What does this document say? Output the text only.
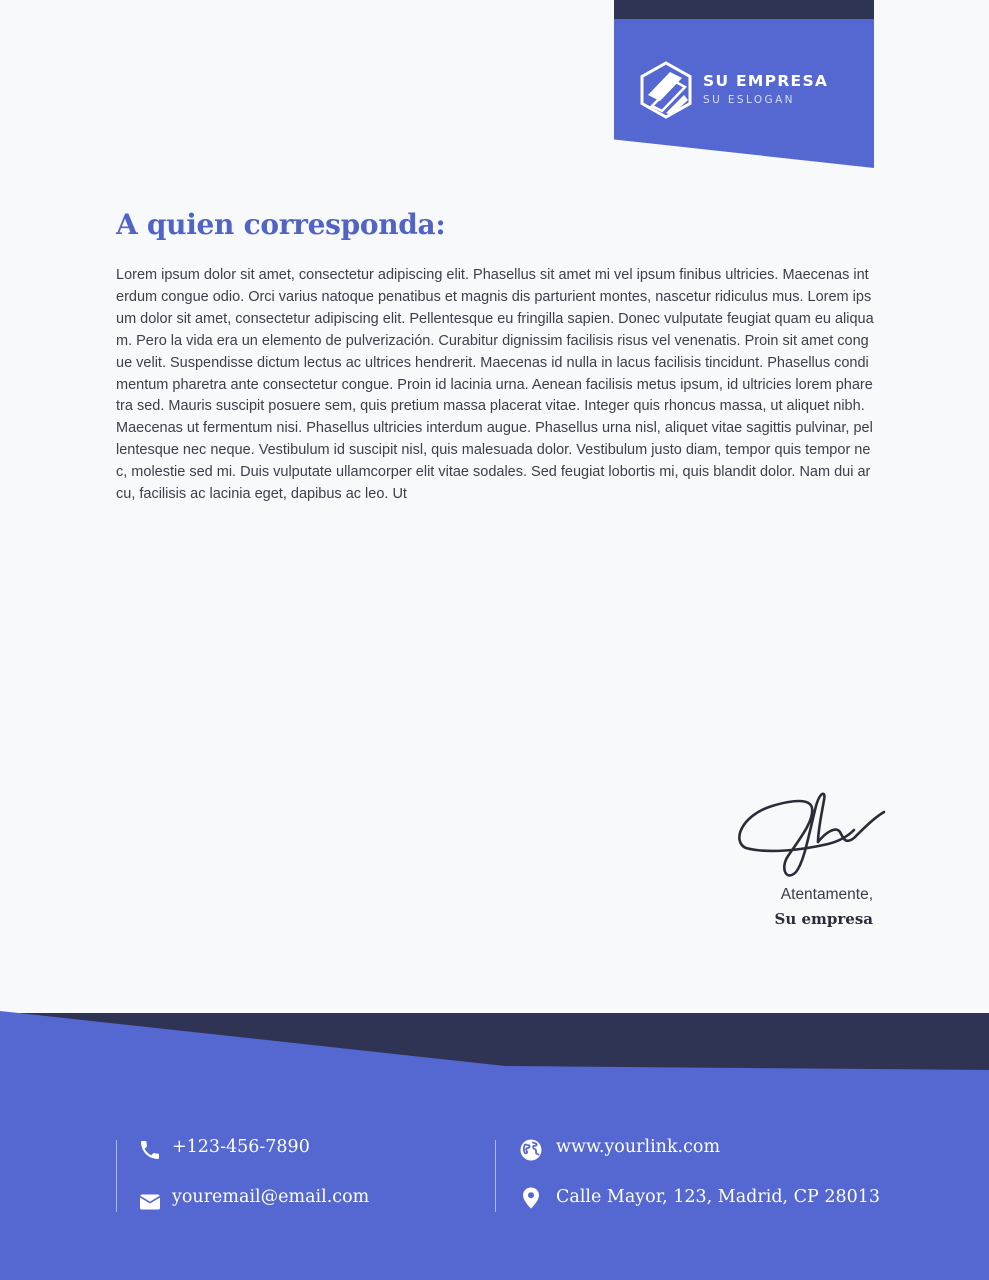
SU EMPRESA
SU ESLOGAN
A quien corresponda:
Lorem ipsum dolor sit amet, consectetur adipiscing elit. Phasellus sit amet mi vel ipsum finibus ultricies. Maecenas interdum congue odio. Orci varius natoque penatibus et magnis dis parturient montes, nascetur ridiculus mus. Lorem ipsum dolor sit amet, consectetur adipiscing elit. Pellentesque eu fringilla sapien. Donec vulputate feugiat quam eu aliquam. Pero la vida era un elemento de pulverización. Curabitur dignissim facilisis risus vel venenatis. Proin sit amet congue velit. Suspendisse dictum lectus ac ultrices hendrerit. Maecenas id nulla in lacus facilisis tincidunt. Phasellus condimentum pharetra ante consectetur congue. Proin id lacinia urna. Aenean facilisis metus ipsum, id ultricies lorem pharetra sed. Mauris suscipit posuere sem, quis pretium massa placerat vitae. Integer quis rhoncus massa, ut aliquet nibh. Maecenas ut fermentum nisi. Phasellus ultricies interdum augue. Phasellus urna nisl, aliquet vitae sagittis pulvinar, pellentesque nec neque. Vestibulum id suscipit nisl, quis malesuada dolor. Vestibulum justo diam, tempor quis tempor nec, molestie sed mi. Duis vulputate ullamcorper elit vitae sodales. Sed feugiat lobortis mi, quis blandit dolor. Nam dui arcu, facilisis ac lacinia eget, dapibus ac leo. Ut
Atentamente,
Su empresa
+123-456-7890
youremail@email.com
www.yourlink.com
Calle Mayor, 123, Madrid, CP 28013
